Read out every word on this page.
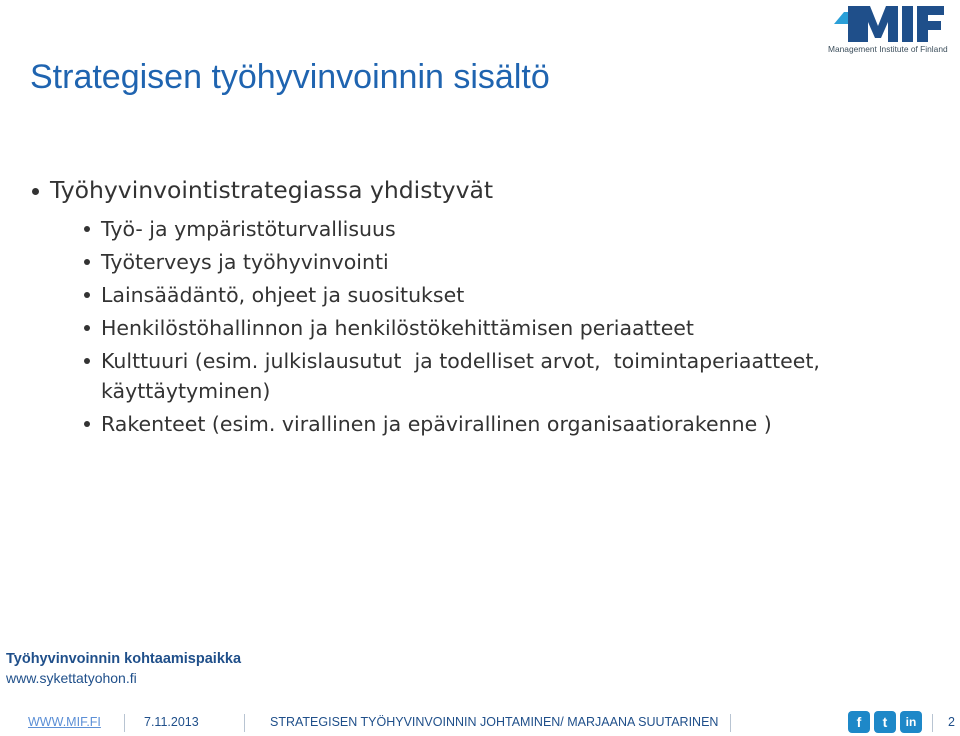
Management Institute of Finland
Strategisen työhyvinvoinnin sisältö
Työhyvinvointistrategiassa yhdistyvät
Työ- ja ympäristöturvallisuus
Työterveys ja työhyvinvointi
Lainsäädäntö, ohjeet ja suositukset
Henkilöstöhallinnon ja henkilöstökehittämisen periaatteet
Kulttuuri (esim. julkislausutut  ja todelliset arvot,  toimintaperiaatteet,
käyttäytyminen)
Rakenteet (esim. virallinen ja epävirallinen organisaatiorakenne )
Työhyvinvoinnin kohtaamispaikka
www.sykettatyohon.fi
WWW.MIF.FI	7.11.2013	STRATEGISEN TYÖHYVINVOINNIN JOHTAMINEN/ MARJAANA SUUTARINEN	f	t	in	2
